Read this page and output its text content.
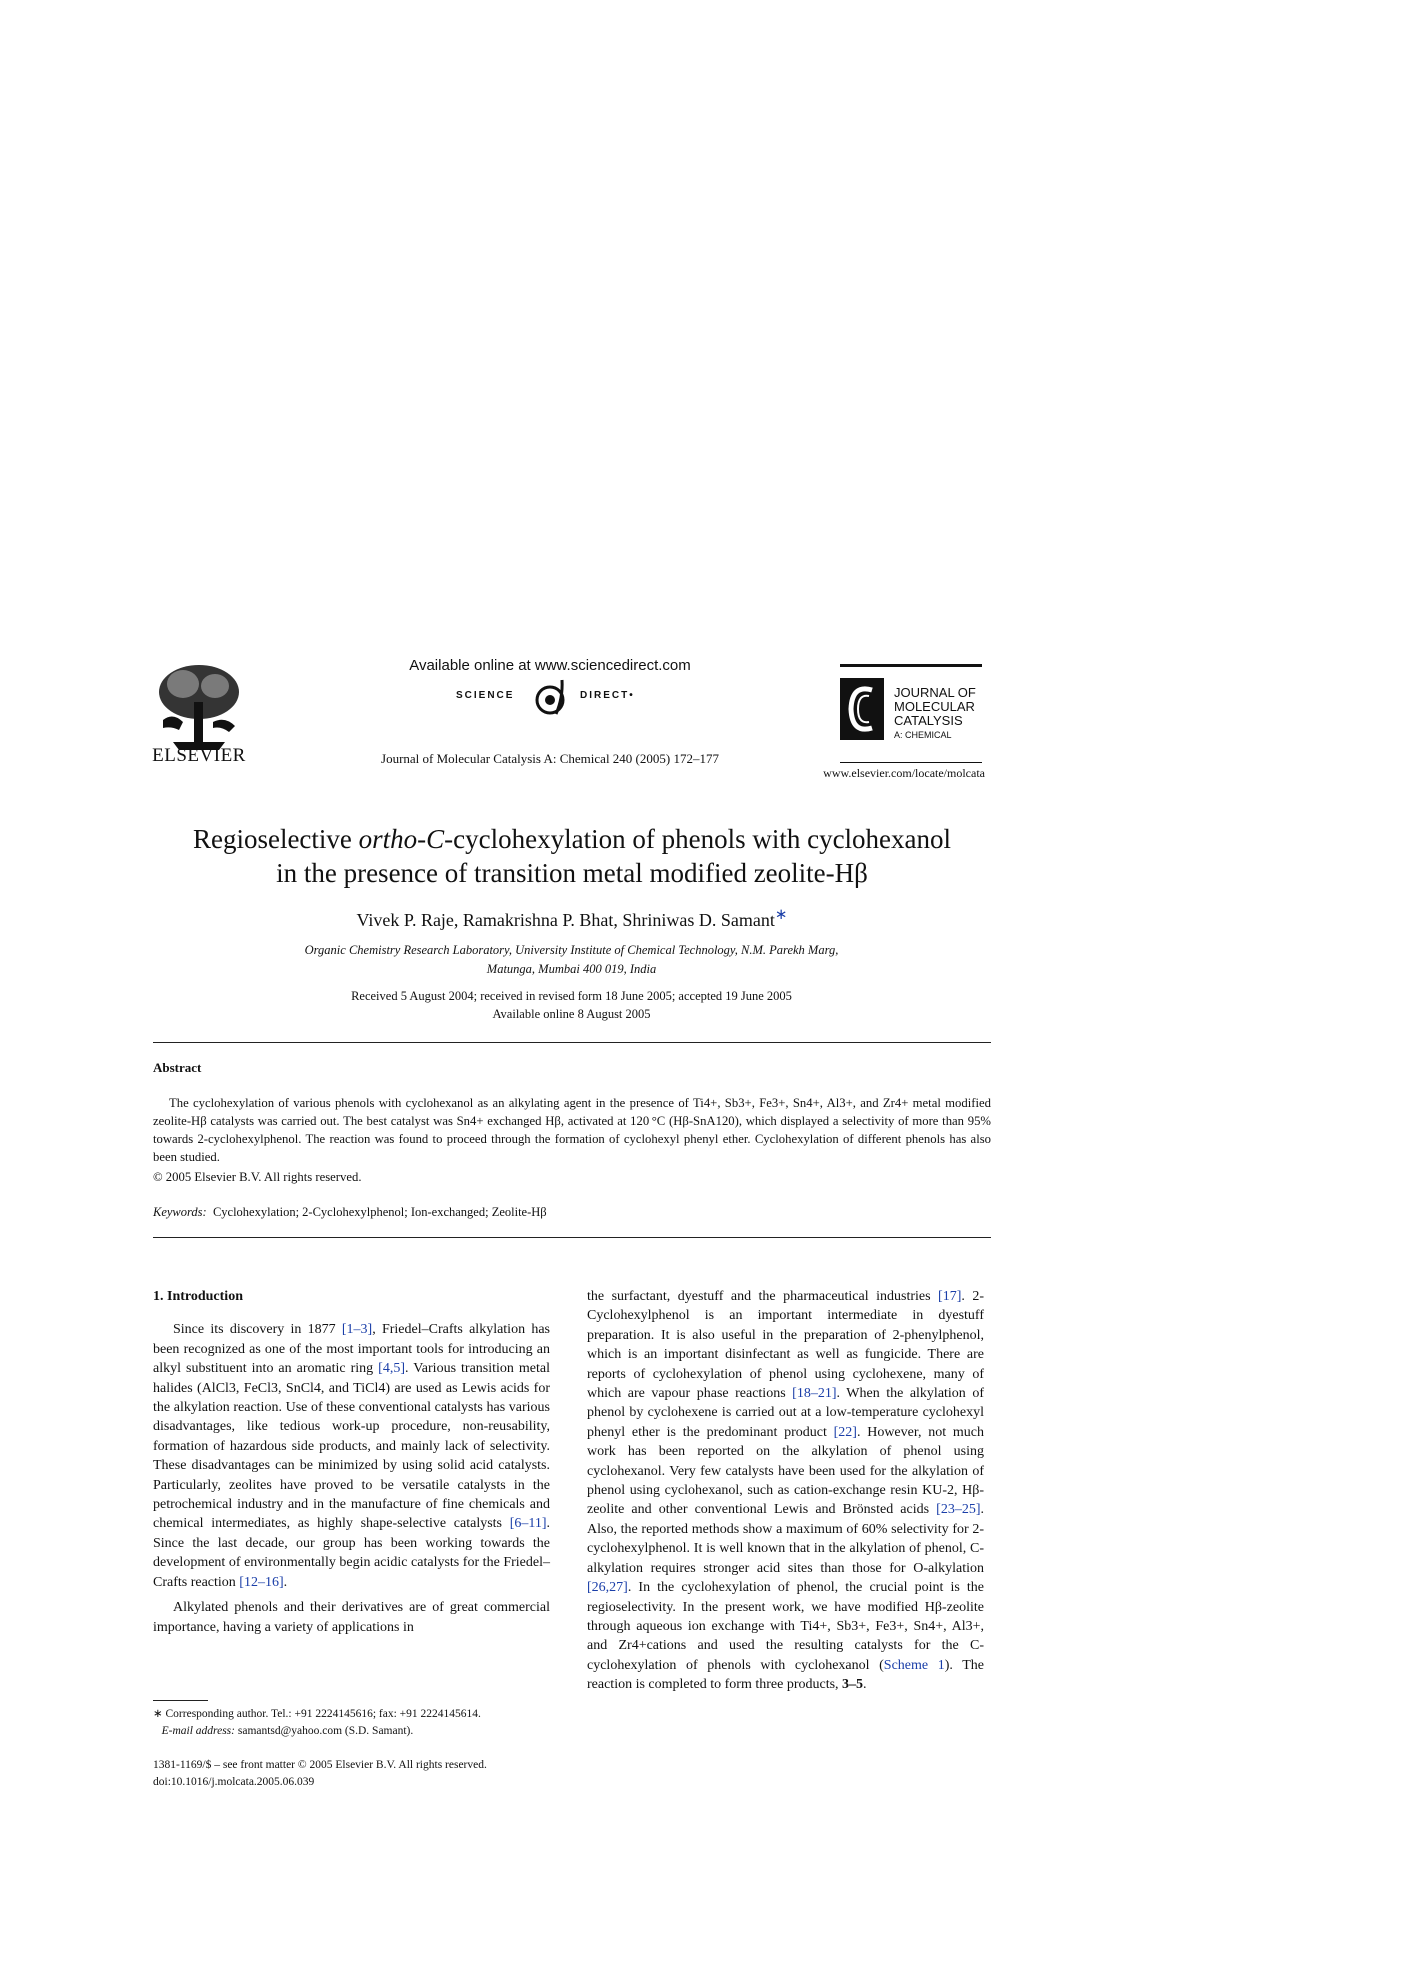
ELSEVIER
Available online at www.sciencedirect.com
SCIENCE	DIRECT•
Journal of Molecular Catalysis A: Chemical 240 (2005) 172–177
JOURNAL OF
MOLECULAR
CATALYSIS
A: CHEMICAL
www.elsevier.com/locate/molcata
Regioselective ortho-C-cyclohexylation of phenols with cyclohexanol
in the presence of transition metal modified zeolite-Hβ
Vivek P. Raje, Ramakrishna P. Bhat, Shriniwas D. Samant∗
Organic Chemistry Research Laboratory, University Institute of Chemical Technology, N.M. Parekh Marg,
Matunga, Mumbai 400 019, India
Received 5 August 2004; received in revised form 18 June 2005; accepted 19 June 2005
Available online 8 August 2005
Abstract
The cyclohexylation of various phenols with cyclohexanol as an alkylating agent in the presence of Ti4+, Sb3+, Fe3+, Sn4+, Al3+, and Zr4+ metal modified zeolite-Hβ catalysts was carried out. The best catalyst was Sn4+ exchanged Hβ, activated at 120 °C (Hβ-SnA120), which displayed a selectivity of more than 95% towards 2-cyclohexylphenol. The reaction was found to proceed through the formation of cyclohexyl phenyl ether. Cyclohexylation of different phenols has also been studied.
© 2005 Elsevier B.V. All rights reserved.
Keywords: Cyclohexylation; 2-Cyclohexylphenol; Ion-exchanged; Zeolite-Hβ
1. Introduction

Since its discovery in 1877 [1–3], Friedel–Crafts alkylation has been recognized as one of the most important tools for introducing an alkyl substituent into an aromatic ring [4,5]. Various transition metal halides (AlCl3, FeCl3, SnCl4, and TiCl4) are used as Lewis acids for the alkylation reaction. Use of these conventional catalysts has various disadvantages, like tedious work-up procedure, non-reusability, formation of hazardous side products, and mainly lack of selectivity. These disadvantages can be minimized by using solid acid catalysts. Particularly, zeolites have proved to be versatile catalysts in the petrochemical industry and in the manufacture of fine chemicals and chemical intermediates, as highly shape-selective catalysts [6–11]. Since the last decade, our group has been working towards the development of environmentally begin acidic catalysts for the Friedel–Crafts reaction [12–16].

Alkylated phenols and their derivatives are of great commercial importance, having a variety of applications in

∗ Corresponding author. Tel.: +91 2224145616; fax: +91 2224145614.
E-mail address: samantsd@yahoo.com (S.D. Samant).
1381-1169/$ – see front matter © 2005 Elsevier B.V. All rights reserved.
doi:10.1016/j.molcata.2005.06.039

the surfactant, dyestuff and the pharmaceutical industries [17]. 2-Cyclohexylphenol is an important intermediate in dyestuff preparation. It is also useful in the preparation of 2-phenylphenol, which is an important disinfectant as well as fungicide. There are reports of cyclohexylation of phenol using cyclohexene, many of which are vapour phase reactions [18–21]. When the alkylation of phenol by cyclohexene is carried out at a low-temperature cyclohexyl phenyl ether is the predominant product [22]. However, not much work has been reported on the alkylation of phenol using cyclohexanol. Very few catalysts have been used for the alkylation of phenol using cyclohexanol, such as cation-exchange resin KU-2, Hβ-zeolite and other conventional Lewis and Brönsted acids [23–25]. Also, the reported methods show a maximum of 60% selectivity for 2-cyclohexylphenol. It is well known that in the alkylation of phenol, C-alkylation requires stronger acid sites than those for O-alkylation [26,27]. In the cyclohexylation of phenol, the crucial point is the regioselectivity. In the present work, we have modified Hβ-zeolite through aqueous ion exchange with Ti4+, Sb3+, Fe3+, Sn4+, Al3+, and Zr4+cations and used the resulting catalysts for the C-cyclohexylation of phenols with cyclohexanol (Scheme 1). The reaction is completed to form three products, 3–5.
